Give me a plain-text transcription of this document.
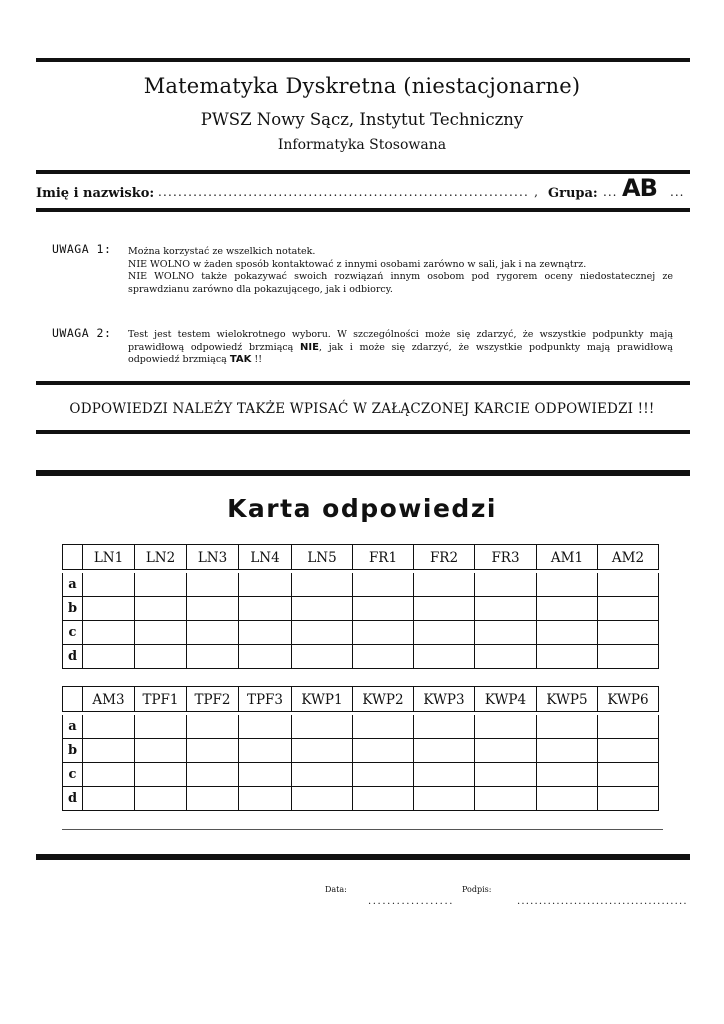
Matematyka Dyskretna (niestacjonarne)
PWSZ Nowy Sącz, Instytut Techniczny
Informatyka Stosowana
Imię i nazwisko: .......................................................................... , Grupa: ... AB ...
UWAGA 1: Można korzystać ze wszelkich notatek.
NIE WOLNO w żaden sposób kontaktować z innymi osobami zarówno w sali, jak i na zewnątrz.
NIE WOLNO także pokazywać swoich rozwiązań innym osobom pod rygorem oceny niedostatecznej ze sprawdzianu zarówno dla pokazującego, jak i odbiorcy.
UWAGA 2: Test jest testem wielokrotnego wyboru. W szczególności może się zdarzyć, że wszystkie podpunkty mają prawidłową odpowiedź brzmiącą NIE, jak i może się zdarzyć, że wszystkie podpunkty mają prawidłową odpowiedź brzmiącą TAK !!
ODPOWIEDZI NALEŻY TAKŻE WPISAĆ W ZAŁĄCZONEJ KARCIE ODPOWIEDZI !!!
Karta odpowiedzi
	LN1	LN2	LN3	LN4	LN5	FR1	FR2	FR3	AM1	AM2
a										
b										
c										
d										
	AM3	TPF1	TPF2	TPF3	KWP1	KWP2	KWP3	KWP4	KWP5	KWP6
a										
b										
c										
d										
Data:
..................
Podpis:
.......................................
